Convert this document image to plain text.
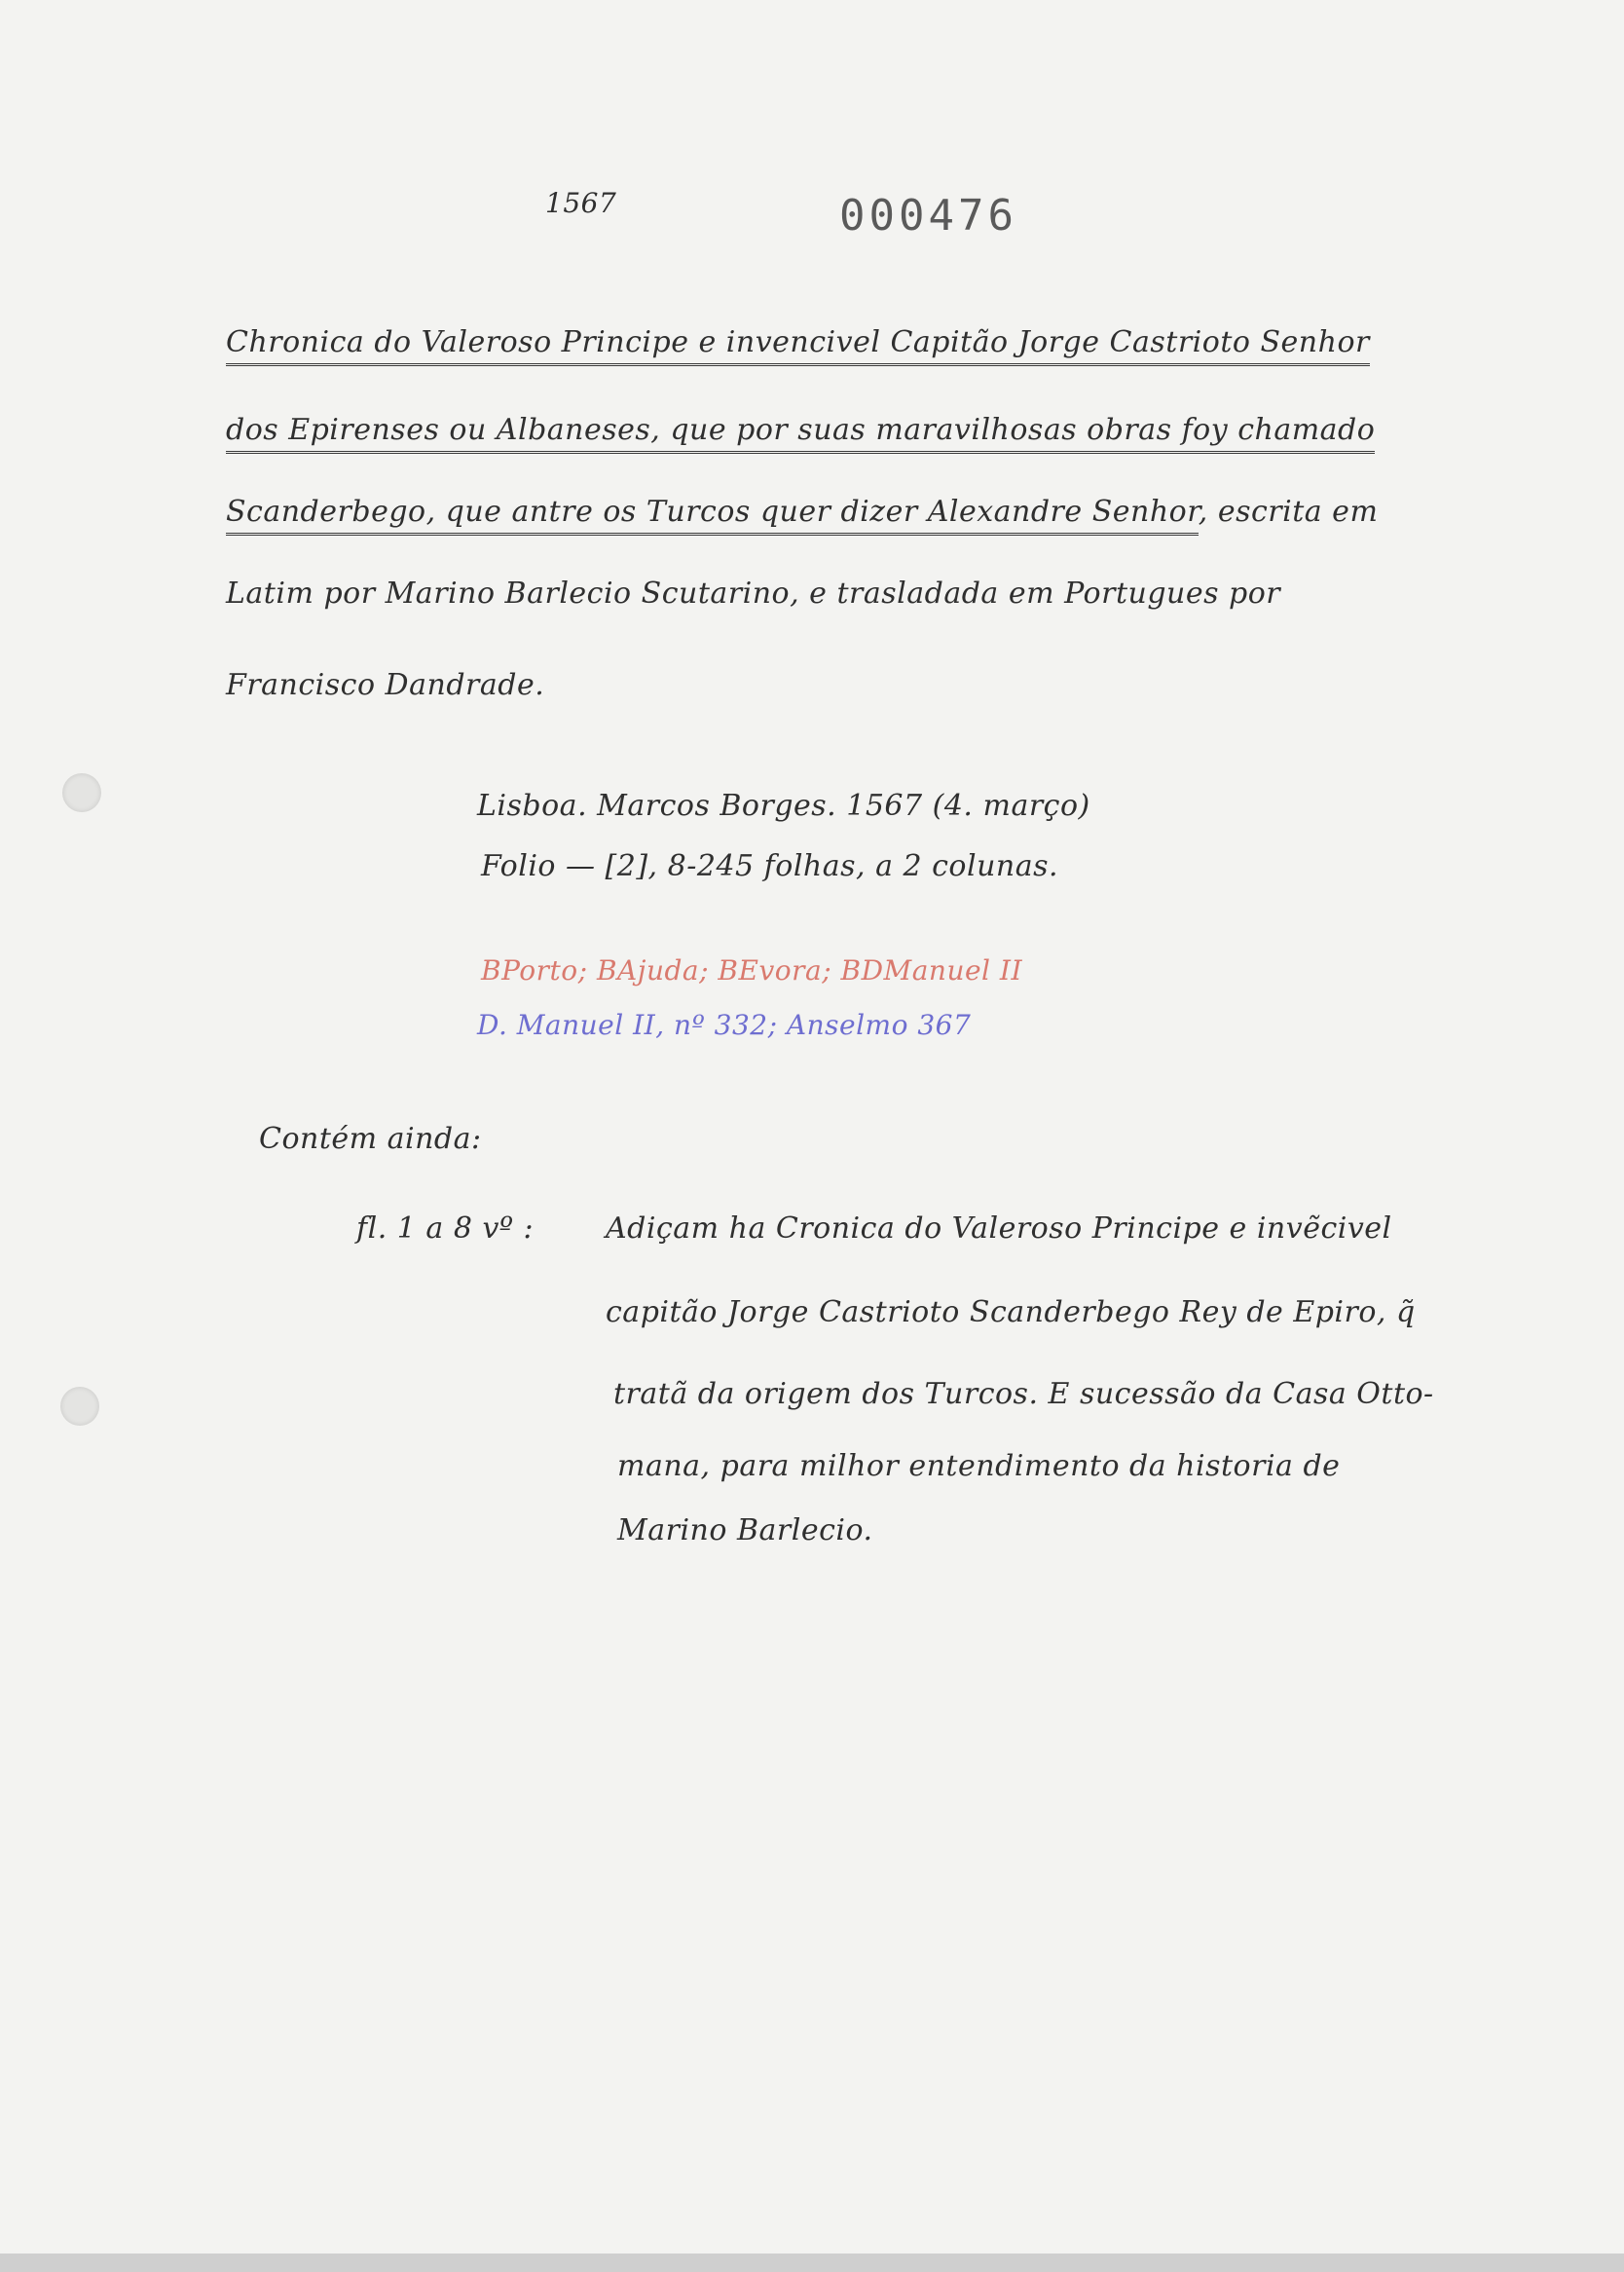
1567	000476
Chronica do Valeroso Principe e invencivel Capitão Jorge Castrioto Senhor
dos Epirenses ou Albaneses, que por suas maravilhosas obras foy chamado
Scanderbego, que antre os Turcos quer dizer Alexandre Senhor, escrita em
Latim por Marino Barlecio Scutarino, e trasladada em Portugues por
Francisco Dandrade.
Lisboa. Marcos Borges. 1567 (4. março)
Folio — [2], 8-245 folhas, a 2 colunas.
BPorto; BAjuda; BEvora; BDManuel II
D. Manuel II, nº 332; Anselmo 367
Contém ainda:
fl. 1 a 8 vº : Adiçam ha Cronica do Valeroso Principe e invẽcivel
capitão Jorge Castrioto Scanderbego Rey de Epiro, q̃
tratã da origem dos Turcos. E sucessão da Casa Otto-
mana, para milhor entendimento da historia de
Marino Barlecio.
